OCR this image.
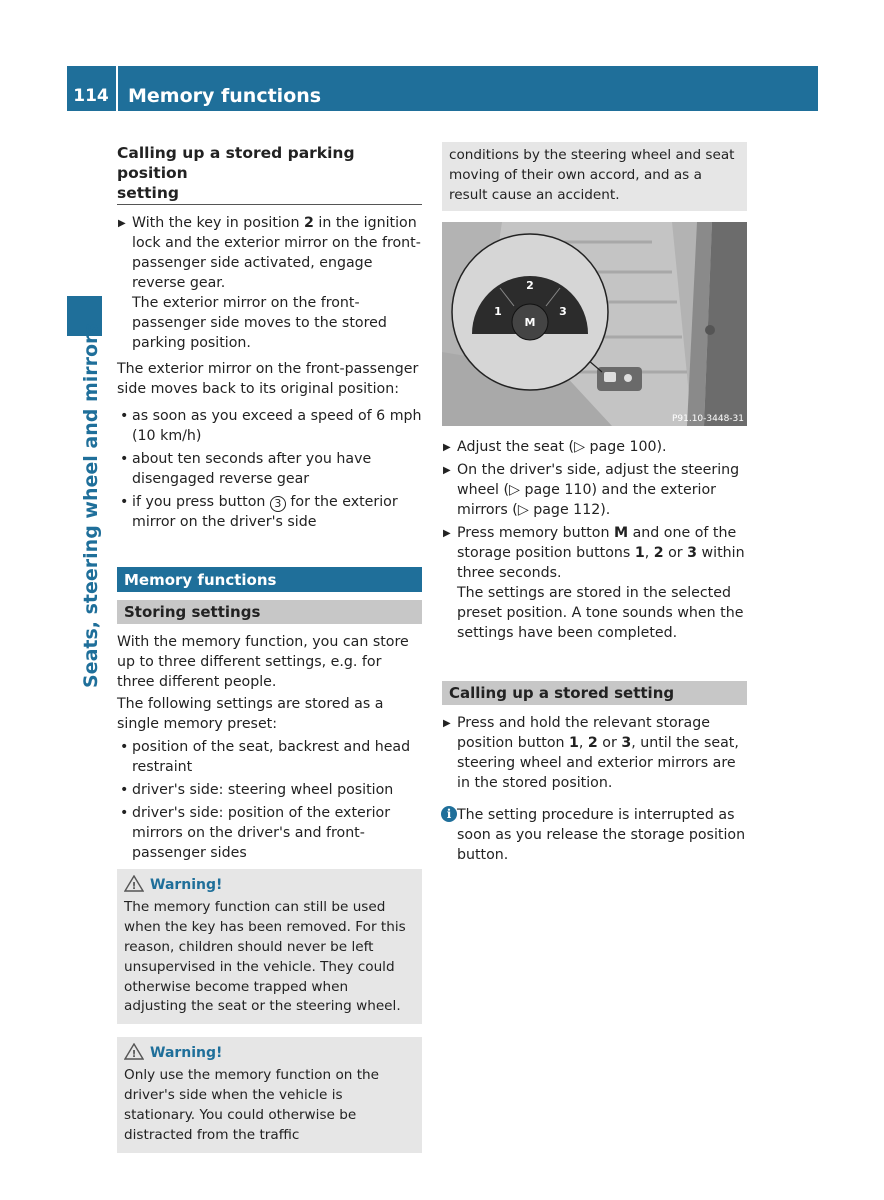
114	Memory functions
Seats, steering wheel and mirrors
Calling up a stored parking position
setting
▶ With the key in position 2 in the ignition lock and the exterior mirror on the front-passenger side activated, engage reverse gear.
The exterior mirror on the front-passenger side moves to the stored parking position.

The exterior mirror on the front-passenger side moves back to its original position:

• as soon as you exceed a speed of 6 mph (10 km/h)
• about ten seconds after you have disengaged reverse gear
• if you press button 3 for the exterior mirror on the driver's side
Memory functions
Storing settings

With the memory function, you can store up to three different settings, e.g. for three different people.

The following settings are stored as a single memory preset:

• position of the seat, backrest and head restraint
• driver's side: steering wheel position
• driver's side: position of the exterior mirrors on the driver's and front-passenger sides
! Warning!
The memory function can still be used when the key has been removed. For this reason, children should never be left unsupervised in the vehicle. They could otherwise become trapped when adjusting the seat or the steering wheel.
! Warning!
Only use the memory function on the driver's side when the vehicle is stationary. You could otherwise be distracted from the traffic
conditions by the steering wheel and seat moving of their own accord, and as a result cause an accident.
M
1
2
3
P91.10-3448-31
▶ Adjust the seat (▷ page 100).
▶ On the driver's side, adjust the steering wheel (▷ page 110) and the exterior mirrors (▷ page 112).
▶ Press memory button M and one of the storage position buttons 1, 2 or 3 within three seconds.
The settings are stored in the selected preset position. A tone sounds when the settings have been completed.
Calling up a stored setting
▶ Press and hold the relevant storage position button 1, 2 or 3, until the seat, steering wheel and exterior mirrors are in the stored position.
i The setting procedure is interrupted as soon as you release the storage position button.
